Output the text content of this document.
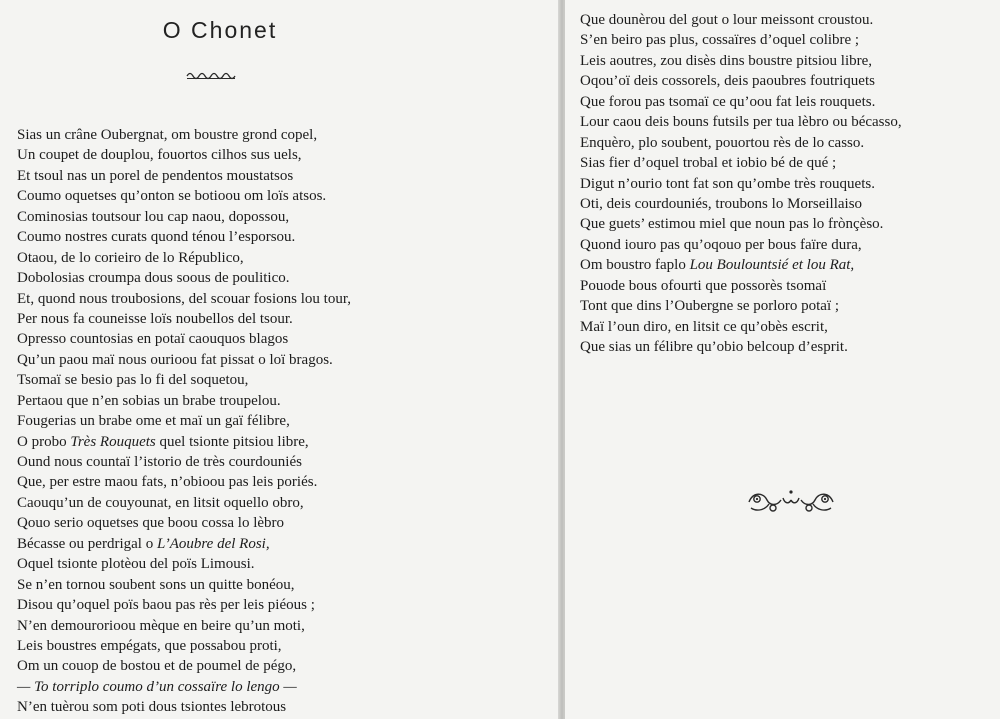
O Chonet
Sias un crâne Oubergnat, om boustre grond copel,
Un coupet de douplou, fouortos cilhos sus uels,
Et tsoul nas un porel de pendentos moustatsos
Coumo oquetses qu’onton se botioou om loïs atsos.
Cominosias toutsour lou cap naou, dopossou,
Coumo nostres curats quond ténou l’esporsou.
Otaou, de lo corieiro de lo Républico,
Dobolosias croumpa dous soous de poulitico.
Et, quond nous troubosions, del scouar fosions lou tour,
Per nous fa couneisse loïs noubellos del tsour.
Opresso countosias en potaï caouquos blagos
Qu’un paou maï nous ourioou fat pissat o loï bragos.
Tsomaï se besio pas lo fi del soquetou,
Pertaou que n’en sobias un brabe troupelou.
Fougerias un brabe ome et maï un gaï félibre,
O probo Très Rouquets quel tsionte pitsiou libre,
Ound nous countaï l’istorio de très courdouniés
Que, per estre maou fats, n’obioou pas leis poriés.
Caouqu’un de couyounat, en litsit oquello obro,
Qouo serio oquetses que boou cossa lo lèbro
Bécasse ou perdrigal o L’Aoubre del Rosi,
Oquel tsionte plotèou del poïs Limousi.
Se n’en tornou soubent sons un quitte bonéou,
Disou qu’oquel poïs baou pas rès per leis piéous ;
N’en demourorioou mèque en beire qu’un moti,
Leis boustres empégats, que possabou proti,
Om un couop de bostou et de poumel de pégo,
— To torriplo coumo d’un cossaïre lo lengo —
N’en tuèrou som poti dous tsiontes lebrotous
Que dounèrou del gout o lour meissont croustou.
S’en beiro pas plus, cossaïres d’oquel colibre ;
Leis aoutres, zou disès dins boustre pitsiou libre,
Oqou’oï deis cossorels, deis paoubres foutriquets
Que forou pas tsomaï ce qu’oou fat leis rouquets.
Lour caou deis bouns futsils per tua lèbro ou bécasso,
Enquèro, plo soubent, pouortou rès de lo casso.
Sias fier d’oquel trobal et iobio bé de qué ;
Digut n’ourio tont fat son qu’ombe très rouquets.
Oti, deis courdouniés, troubons lo Morseillaiso
Que guets’ estimou miel que noun pas lo frònçèso.
Quond iouro pas qu’oqouo per bous faïre dura,
Om boustro faplo Lou Boulountsié et lou Rat,
Pouode bous ofourti que possorès tsomaï
Tont que dins l’Oubergne se porloro potaï ;
Maï l’oun diro, en litsit ce qu’obès escrit,
Que sias un félibre qu’obio belcoup d’esprit.
